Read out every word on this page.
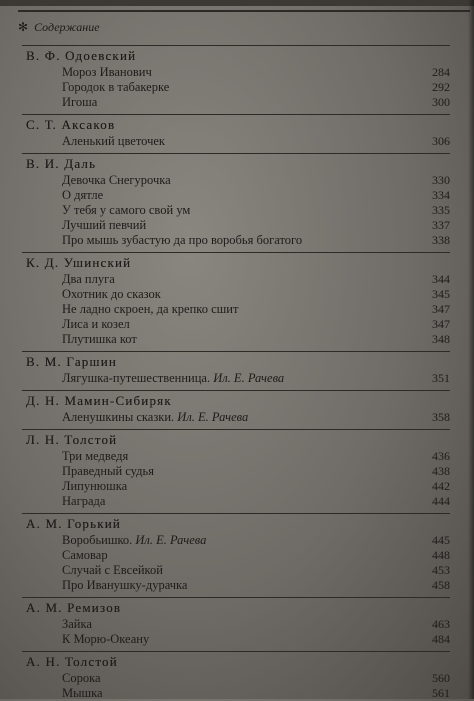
✻ Содержание
В. Ф. Одоевский
Мороз Иванович	284
Городок в табакерке	292
Игоша	300
С. Т. Аксаков
Аленький цветочек	306
В. И. Даль
Девочка Снегурочка	330
О дятле	334
У тебя у самого свой ум	335
Лучший певчий	337
Про мышь зубастую да про воробья богатого	338
К. Д. Ушинский
Два плуга	344
Охотник до сказок	345
Не ладно скроен, да крепко сшит	347
Лиса и козел	347
Плутишка кот	348
В. М. Гаршин
Лягушка-путешественница. Ил. Е. Рачева	351
Д. Н. Мамин-Сибиряк
Аленушкины сказки. Ил. Е. Рачева	358
Л. Н. Толстой
Три медведя	436
Праведный судья	438
Липунюшка	442
Награда	444
А. М. Горький
Воробьишко. Ил. Е. Рачева	445
Самовар	448
Случай с Евсейкой	453
Про Иванушку-дурачка	458
А. М. Ремизов
Зайка	463
К Морю-Океану	484
А. Н. Толстой
Сорока	560
Мышка	561
